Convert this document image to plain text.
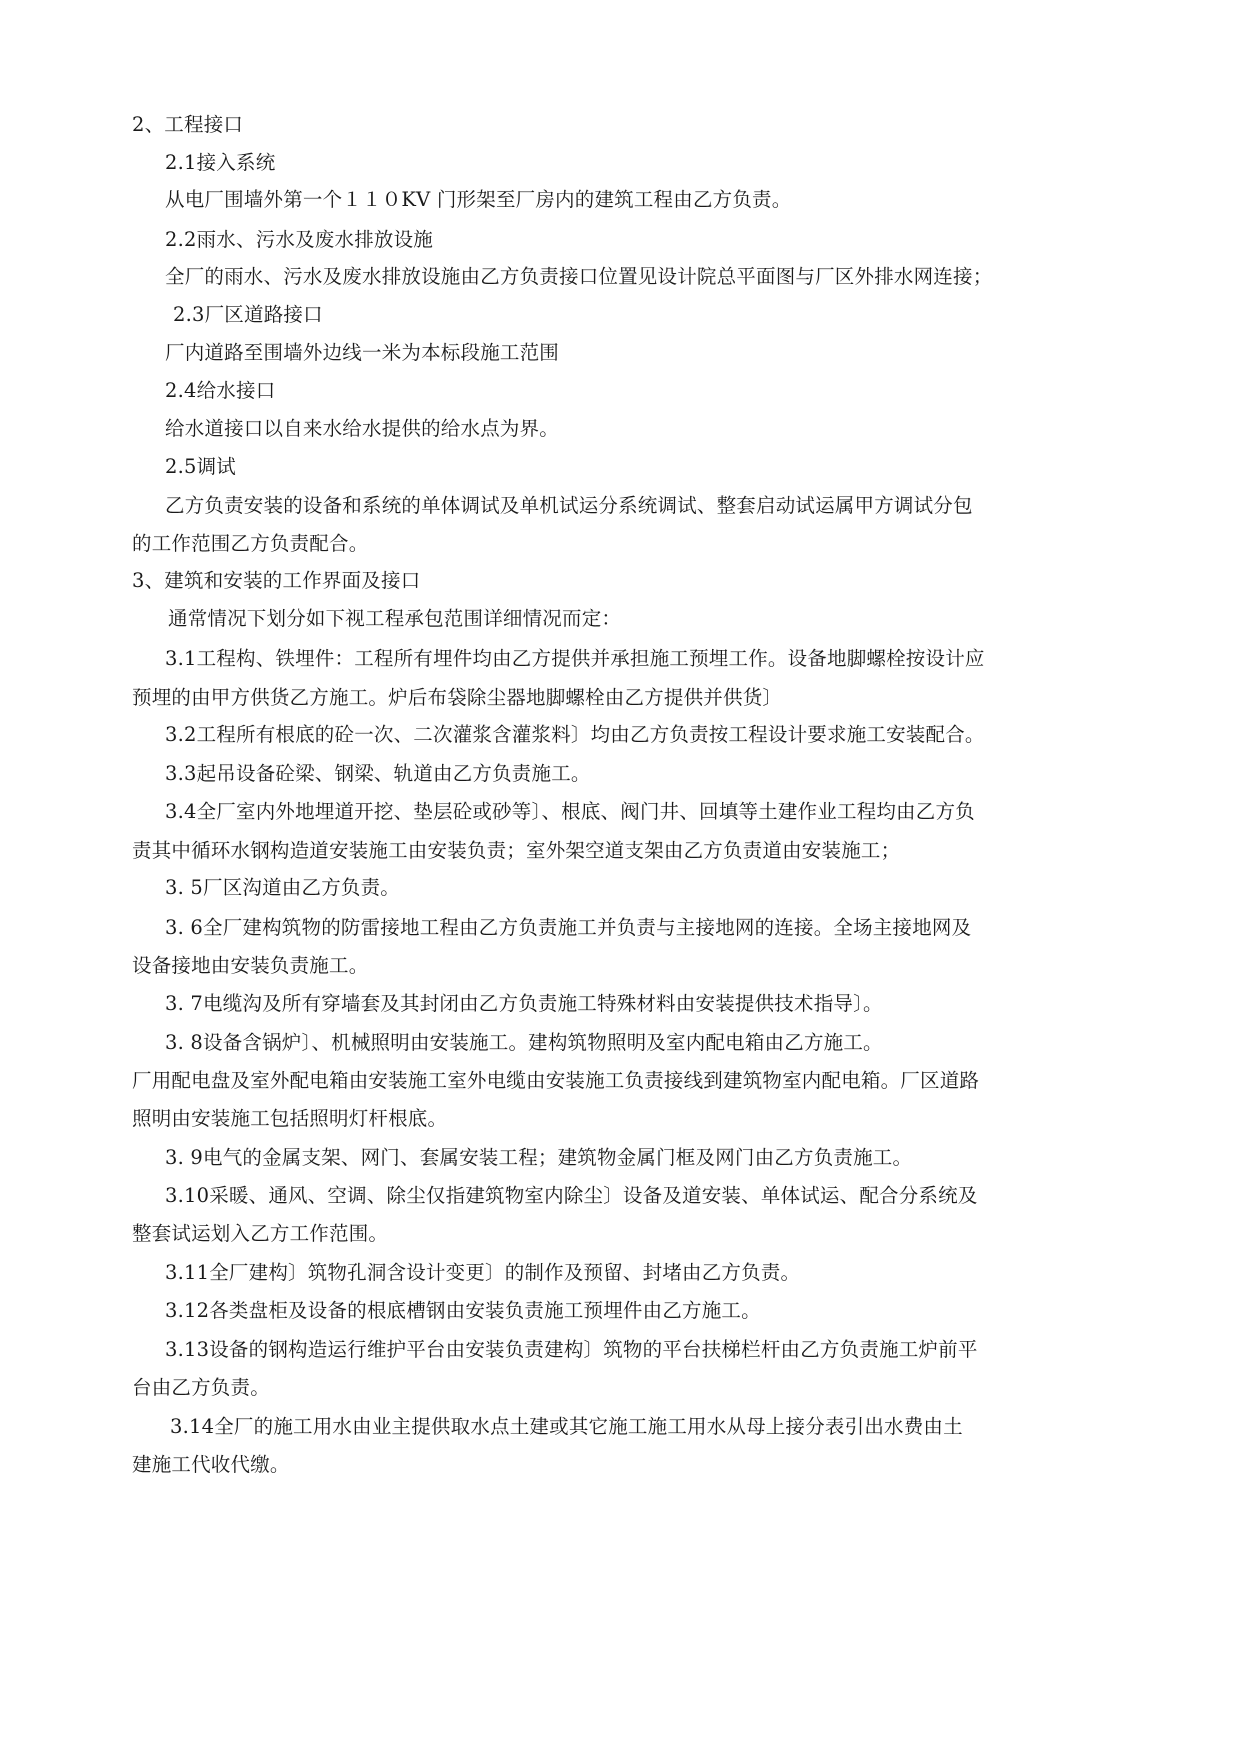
2、工程接口
2.1接入系统
从电厂围墙外第一个１１０KV 门形架至厂房内的建筑工程由乙方负责。
2.2雨水、污水及废水排放设施
全厂的雨水、污水及废水排放设施由乙方负责接口位置见设计院总平面图与厂区外排水网连接；
2.3厂区道路接口
厂内道路至围墙外边线一米为本标段施工范围
2.4给水接口
给水道接口以自来水给水提供的给水点为界。
2.5调试
乙方负责安装的设备和系统的单体调试及单机试运分系统调试、整套启动试运属甲方调试分包
的工作范围乙方负责配合。
3、建筑和安装的工作界面及接口
通常情况下划分如下视工程承包范围详细情况而定：
3.1工程构、铁埋件：工程所有埋件均由乙方提供并承担施工预埋工作。设备地脚螺栓按设计应
预埋的由甲方供货乙方施工。炉后布袋除尘器地脚螺栓由乙方提供并供货〕
3.2工程所有根底的砼一次、二次灌浆含灌浆料〕均由乙方负责按工程设计要求施工安装配合。
3.3起吊设备砼梁、钢梁、轨道由乙方负责施工。
3.4全厂室内外地埋道开挖、垫层砼或砂等〕、根底、阀门井、回填等土建作业工程均由乙方负
责其中循环水钢构造道安装施工由安装负责；室外架空道支架由乙方负责道由安装施工；
3. 5厂区沟道由乙方负责。
3. 6全厂建构筑物的防雷接地工程由乙方负责施工并负责与主接地网的连接。全场主接地网及
设备接地由安装负责施工。
3. 7电缆沟及所有穿墙套及其封闭由乙方负责施工特殊材料由安装提供技术指导〕。
3. 8设备含锅炉〕、机械照明由安装施工。建构筑物照明及室内配电箱由乙方施工。
厂用配电盘及室外配电箱由安装施工室外电缆由安装施工负责接线到建筑物室内配电箱。厂区道路
照明由安装施工包括照明灯杆根底。
3. 9电气的金属支架、网门、套属安装工程；建筑物金属门框及网门由乙方负责施工。
3.10采暖、通风、空调、除尘仅指建筑物室内除尘〕设备及道安装、单体试运、配合分系统及
整套试运划入乙方工作范围。
3.11全厂建构〕筑物孔洞含设计变更〕的制作及预留、封堵由乙方负责。
3.12各类盘柜及设备的根底槽钢由安装负责施工预埋件由乙方施工。
3.13设备的钢构造运行维护平台由安装负责建构〕筑物的平台扶梯栏杆由乙方负责施工炉前平
台由乙方负责。
3.14全厂的施工用水由业主提供取水点土建或其它施工施工用水从母上接分表引出水费由土
建施工代收代缴。
